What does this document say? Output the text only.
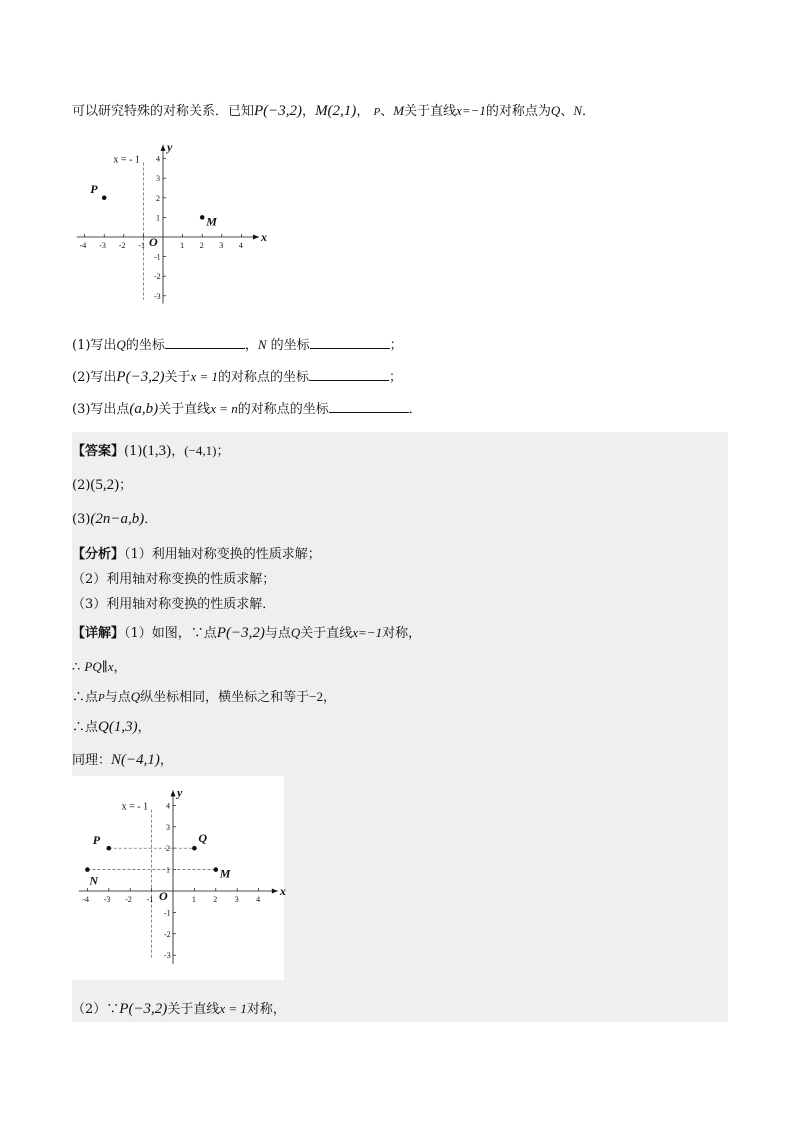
可以研究特殊的对称关系．已知P(−3,2)，M(2,1)， P、M关于直线x=−1的对称点为Q、N．
x = - 1
-4 -3 -2 -1	1 2 3 4
4
3
2
1
-1
-2
-3
x
y
O
P
M
(1)写出Q的坐标	，N 的坐标	；
(2)写出P(−3,2)关于x = 1的对称点的坐标	；
(3)写出点(a,b)关于直线x = n的对称点的坐标	．
【答案】(1)(1,3)，(−4,1)；
(2)(5,2)；
(3)(2n−a,b)．
【分析】（1）利用轴对称变换的性质求解；
（2）利用轴对称变换的性质求解；
（3）利用轴对称变换的性质求解．
【详解】（1）如图，∵点P(−3,2)与点Q关于直线x=−1对称，
∴ PQ∥x，
∴点P与点Q纵坐标相同，横坐标之和等于−2，
∴点Q(1,3)，
同理：N(−4,1)，
x = - 1
-4 -3 -2 -1	1 2 3 4
4
3
2
1
-1
-2
-3
x
y
O
P	Q
N	M
（2）∵P(−3,2)关于直线x = 1对称，
